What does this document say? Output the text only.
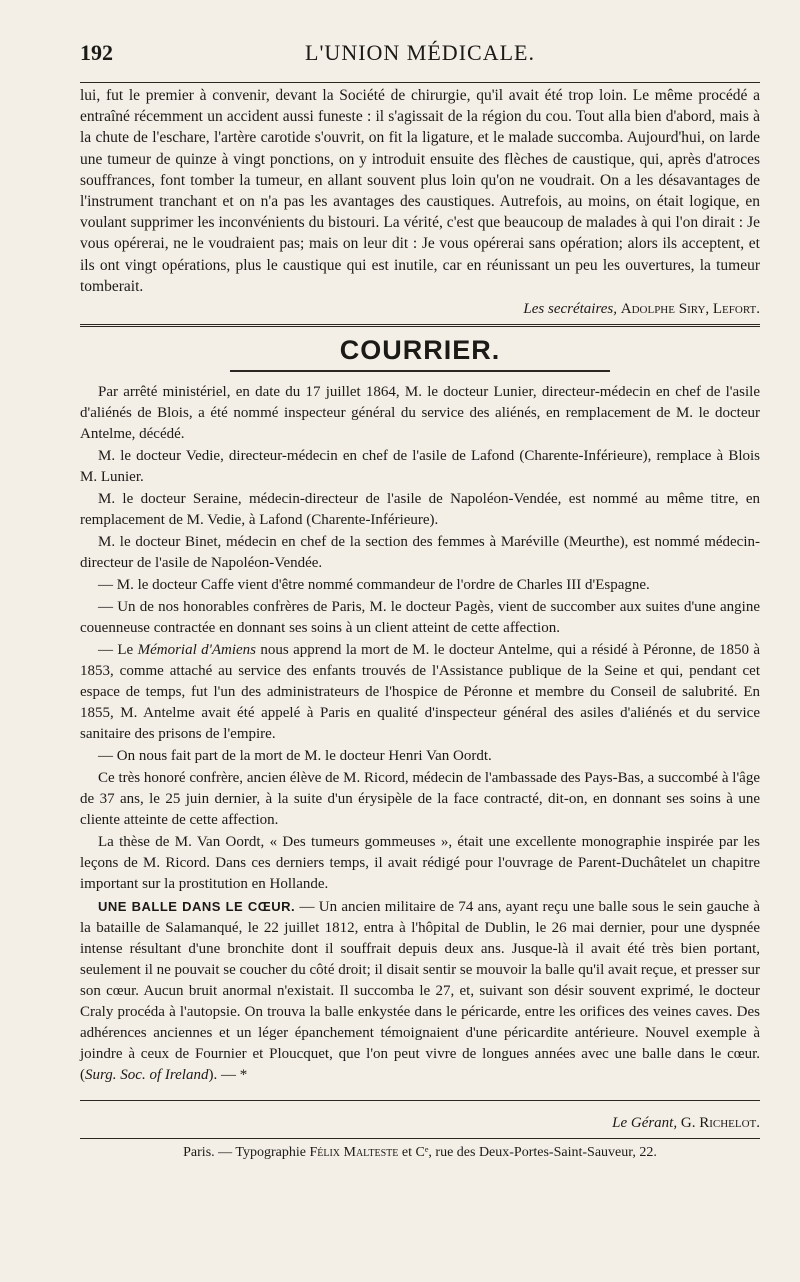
192	L'UNION MÉDICALE.

lui, fut le premier à convenir, devant la Société de chirurgie, qu'il avait été trop loin. Le même procédé a entraîné récemment un accident aussi funeste : il s'agissait de la région du cou. Tout alla bien d'abord, mais à la chute de l'eschare, l'artère carotide s'ouvrit, on fit la ligature, et le malade succomba. Aujourd'hui, on larde une tumeur de quinze à vingt ponctions, on y introduit ensuite des flèches de caustique, qui, après d'atroces souffrances, font tomber la tumeur, en allant souvent plus loin qu'on ne voudrait. On a les désavantages de l'instrument tranchant et on n'a pas les avantages des caustiques. Autrefois, au moins, on était logique, en voulant supprimer les inconvénients du bistouri. La vérité, c'est que beaucoup de malades à qui l'on dirait : Je vous opérerai, ne le voudraient pas; mais on leur dit : Je vous opérerai sans opération; alors ils acceptent, et ils ont vingt opérations, plus le caustique qui est inutile, car en réunissant un peu les ouvertures, la tumeur tomberait.

Les secrétaires, Adolphe Siry, Lefort.
COURRIER.

Par arrêté ministériel, en date du 17 juillet 1864, M. le docteur Lunier, directeur-médecin en chef de l'asile d'aliénés de Blois, a été nommé inspecteur général du service des aliénés, en remplacement de M. le docteur Antelme, décédé.

M. le docteur Vedie, directeur-médecin en chef de l'asile de Lafond (Charente-Inférieure), remplace à Blois M. Lunier.

M. le docteur Seraine, médecin-directeur de l'asile de Napoléon-Vendée, est nommé au même titre, en remplacement de M. Vedie, à Lafond (Charente-Inférieure).

M. le docteur Binet, médecin en chef de la section des femmes à Maréville (Meurthe), est nommé médecin-directeur de l'asile de Napoléon-Vendée.

— M. le docteur Caffe vient d'être nommé commandeur de l'ordre de Charles III d'Espagne.

— Un de nos honorables confrères de Paris, M. le docteur Pagès, vient de succomber aux suites d'une angine couenneuse contractée en donnant ses soins à un client atteint de cette affection.

— Le Mémorial d'Amiens nous apprend la mort de M. le docteur Antelme, qui a résidé à Péronne, de 1850 à 1853, comme attaché au service des enfants trouvés de l'Assistance publique de la Seine et qui, pendant cet espace de temps, fut l'un des administrateurs de l'hospice de Péronne et membre du Conseil de salubrité. En 1855, M. Antelme avait été appelé à Paris en qualité d'inspecteur général des asiles d'aliénés et du service sanitaire des prisons de l'empire.

— On nous fait part de la mort de M. le docteur Henri Van Oordt.

Ce très honoré confrère, ancien élève de M. Ricord, médecin de l'ambassade des Pays-Bas, a succombé à l'âge de 37 ans, le 25 juin dernier, à la suite d'un érysipèle de la face contracté, dit-on, en donnant ses soins à une cliente atteinte de cette affection.

La thèse de M. Van Oordt, « Des tumeurs gommeuses », était une excellente monographie inspirée par les leçons de M. Ricord. Dans ces derniers temps, il avait rédigé pour l'ouvrage de Parent-Duchâtelet un chapitre important sur la prostitution en Hollande.

UNE BALLE DANS LE CŒUR. — Un ancien militaire de 74 ans, ayant reçu une balle sous le sein gauche à la bataille de Salamanqué, le 22 juillet 1812, entra à l'hôpital de Dublin, le 26 mai dernier, pour une dyspnée intense résultant d'une bronchite dont il souffrait depuis deux ans. Jusque-là il avait été très bien portant, seulement il ne pouvait se coucher du côté droit; il disait sentir se mouvoir la balle qu'il avait reçue, et presser sur son cœur. Aucun bruit anormal n'existait. Il succomba le 27, et, suivant son désir souvent exprimé, le docteur Craly procéda à l'autopsie. On trouva la balle enkystée dans le péricarde, entre les orifices des veines caves. Des adhérences anciennes et un léger épanchement témoignaient d'une péricardite antérieure. Nouvel exemple à joindre à ceux de Fournier et Ploucquet, que l'on peut vivre de longues années avec une balle dans le cœur. (Surg. Soc. of Ireland). — *

Le Gérant, G. Richelot.
Paris. — Typographie Félix Malteste et Cᵉ, rue des Deux-Portes-Saint-Sauveur, 22.
